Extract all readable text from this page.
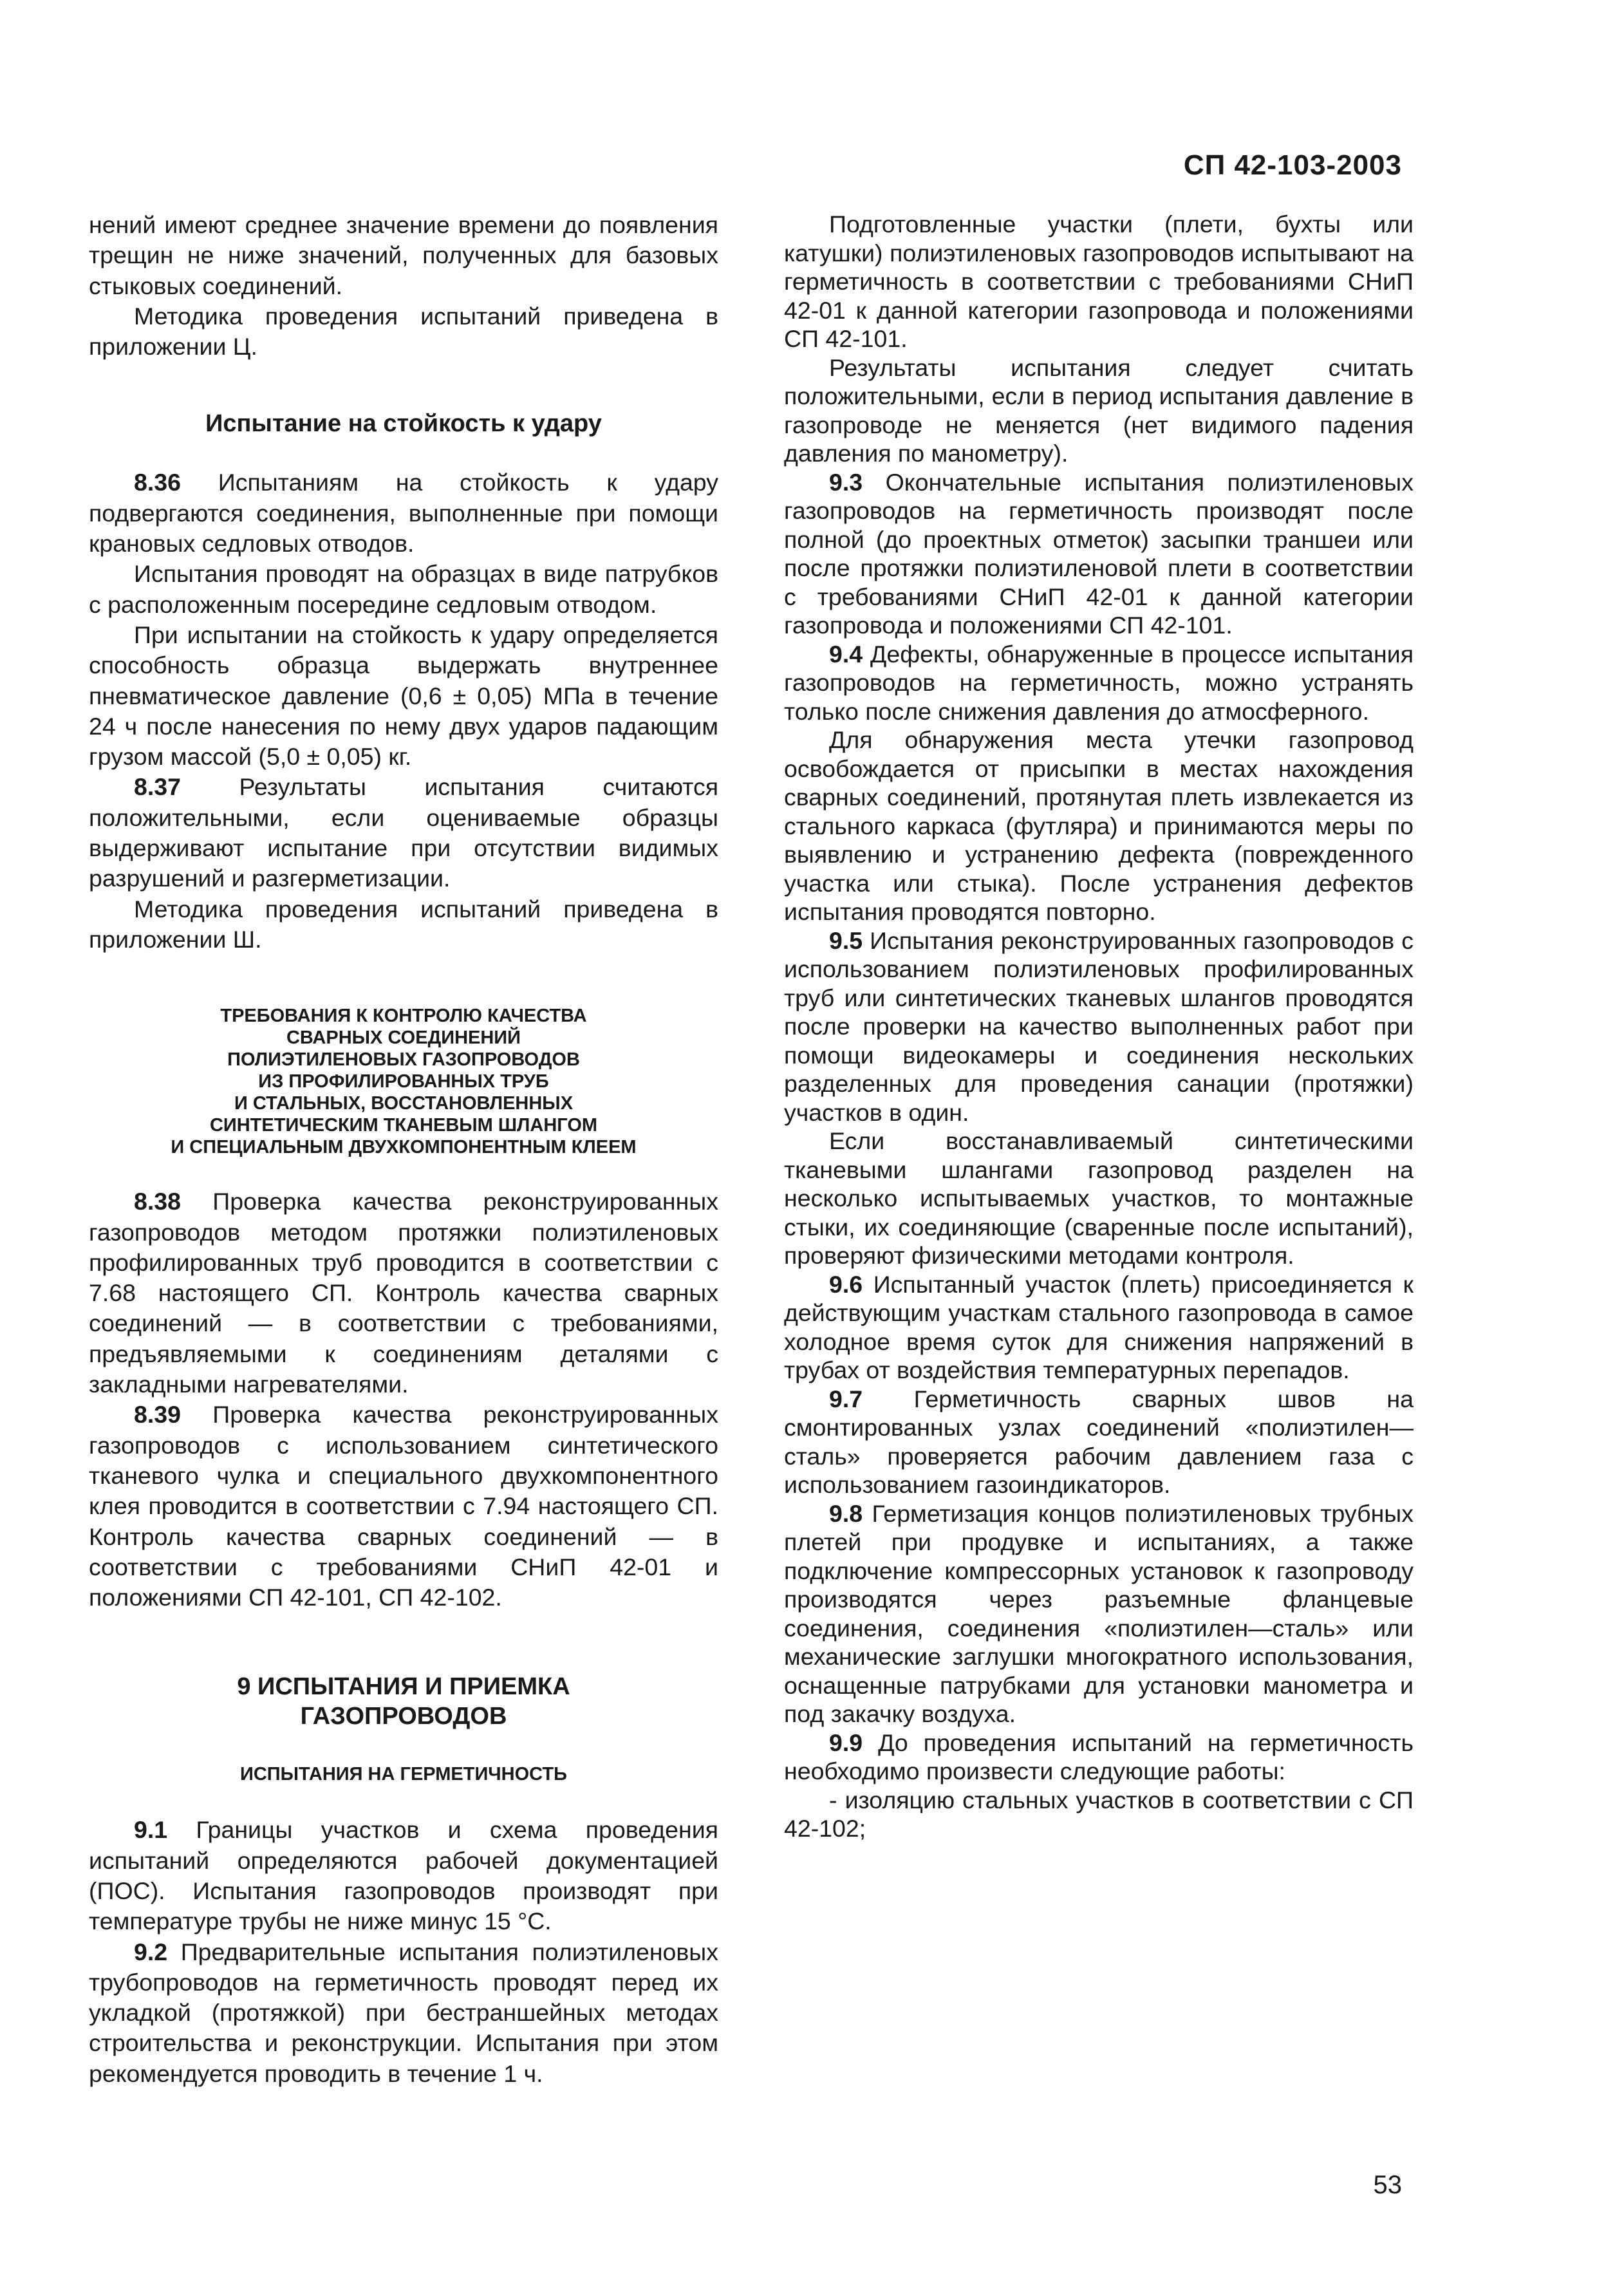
СП 42-103-2003

нений имеют среднее значение времени до появления трещин не ниже значений, полученных для базовых стыковых соединений.

Методика проведения испытаний приведена в приложении Ц.

Испытание на стойкость к удару

8.36 Испытаниям на стойкость к удару подвергаются соединения, выполненные при помощи крановых седловых отводов.

Испытания проводят на образцах в виде патрубков с расположенным посередине седловым отводом.

При испытании на стойкость к удару определяется способность образца выдержать внутреннее пневматическое давление (0,6 ± 0,05) МПа в течение 24 ч после нанесения по нему двух ударов падающим грузом массой (5,0 ± 0,05) кг.

8.37 Результаты испытания считаются положительными, если оцениваемые образцы выдерживают испытание при отсутствии видимых разрушений и разгерметизации.

Методика проведения испытаний приведена в приложении Ш.

ТРЕБОВАНИЯ К КОНТРОЛЮ КАЧЕСТВА
СВАРНЫХ СОЕДИНЕНИЙ
ПОЛИЭТИЛЕНОВЫХ ГАЗОПРОВОДОВ
ИЗ ПРОФИЛИРОВАННЫХ ТРУБ
И СТАЛЬНЫХ, ВОССТАНОВЛЕННЫХ
СИНТЕТИЧЕСКИМ ТКАНЕВЫМ ШЛАНГОМ
И СПЕЦИАЛЬНЫМ ДВУХКОМПОНЕНТНЫМ КЛЕЕМ

8.38 Проверка качества реконструированных газопроводов методом протяжки полиэтиленовых профилированных труб проводится в соответствии с 7.68 настоящего СП. Контроль качества сварных соединений — в соответствии с требованиями, предъявляемыми к соединениям деталями с закладными нагревателями.

8.39 Проверка качества реконструированных газопроводов с использованием синтетического тканевого чулка и специального двухкомпонентного клея проводится в соответствии с 7.94 настоящего СП. Контроль качества сварных соединений — в соответствии с требованиями СНиП 42-01 и положениями СП 42-101, СП 42-102.

9 ИСПЫТАНИЯ И ПРИЕМКА
ГАЗОПРОВОДОВ
ИСПЫТАНИЯ НА ГЕРМЕТИЧНОСТЬ

9.1 Границы участков и схема проведения испытаний определяются рабочей документацией (ПОС). Испытания газопроводов производят при температуре трубы не ниже минус 15 °С.

9.2 Предварительные испытания полиэтиленовых трубопроводов на герметичность проводят перед их укладкой (протяжкой) при бестраншейных методах строительства и реконструкции. Испытания при этом рекомендуется проводить в течение 1 ч.

Подготовленные участки (плети, бухты или катушки) полиэтиленовых газопроводов испытывают на герметичность в соответствии с требованиями СНиП 42-01 к данной категории газопровода и положениями СП 42-101.

Результаты испытания следует считать положительными, если в период испытания давление в газопроводе не меняется (нет видимого падения давления по манометру).

9.3 Окончательные испытания полиэтиленовых газопроводов на герметичность производят после полной (до проектных отметок) засыпки траншеи или после протяжки полиэтиленовой плети в соответствии с требованиями СНиП 42-01 к данной категории газопровода и положениями СП 42-101.

9.4 Дефекты, обнаруженные в процессе испытания газопроводов на герметичность, можно устранять только после снижения давления до атмосферного.

Для обнаружения места утечки газопровод освобождается от присыпки в местах нахождения сварных соединений, протянутая плеть извлекается из стального каркаса (футляра) и принимаются меры по выявлению и устранению дефекта (поврежденного участка или стыка). После устранения дефектов испытания проводятся повторно.

9.5 Испытания реконструированных газопроводов с использованием полиэтиленовых профилированных труб или синтетических тканевых шлангов проводятся после проверки на качество выполненных работ при помощи видеокамеры и соединения нескольких разделенных для проведения санации (протяжки) участков в один.

Если восстанавливаемый синтетическими тканевыми шлангами газопровод разделен на несколько испытываемых участков, то монтажные стыки, их соединяющие (сваренные после испытаний), проверяют физическими методами контроля.

9.6 Испытанный участок (плеть) присоединяется к действующим участкам стального газопровода в самое холодное время суток для снижения напряжений в трубах от воздействия температурных перепадов.

9.7 Герметичность сварных швов на смонтированных узлах соединений «полиэтилен—сталь» проверяется рабочим давлением газа с использованием газоиндикаторов.

9.8 Герметизация концов полиэтиленовых трубных плетей при продувке и испытаниях, а также подключение компрессорных установок к газопроводу производятся через разъемные фланцевые соединения, соединения «полиэтилен—сталь» или механические заглушки многократного использования, оснащенные патрубками для установки манометра и под закачку воздуха.

9.9 До проведения испытаний на герметичность необходимо произвести следующие работы:

- изоляцию стальных участков в соответствии с СП 42-102;

53
